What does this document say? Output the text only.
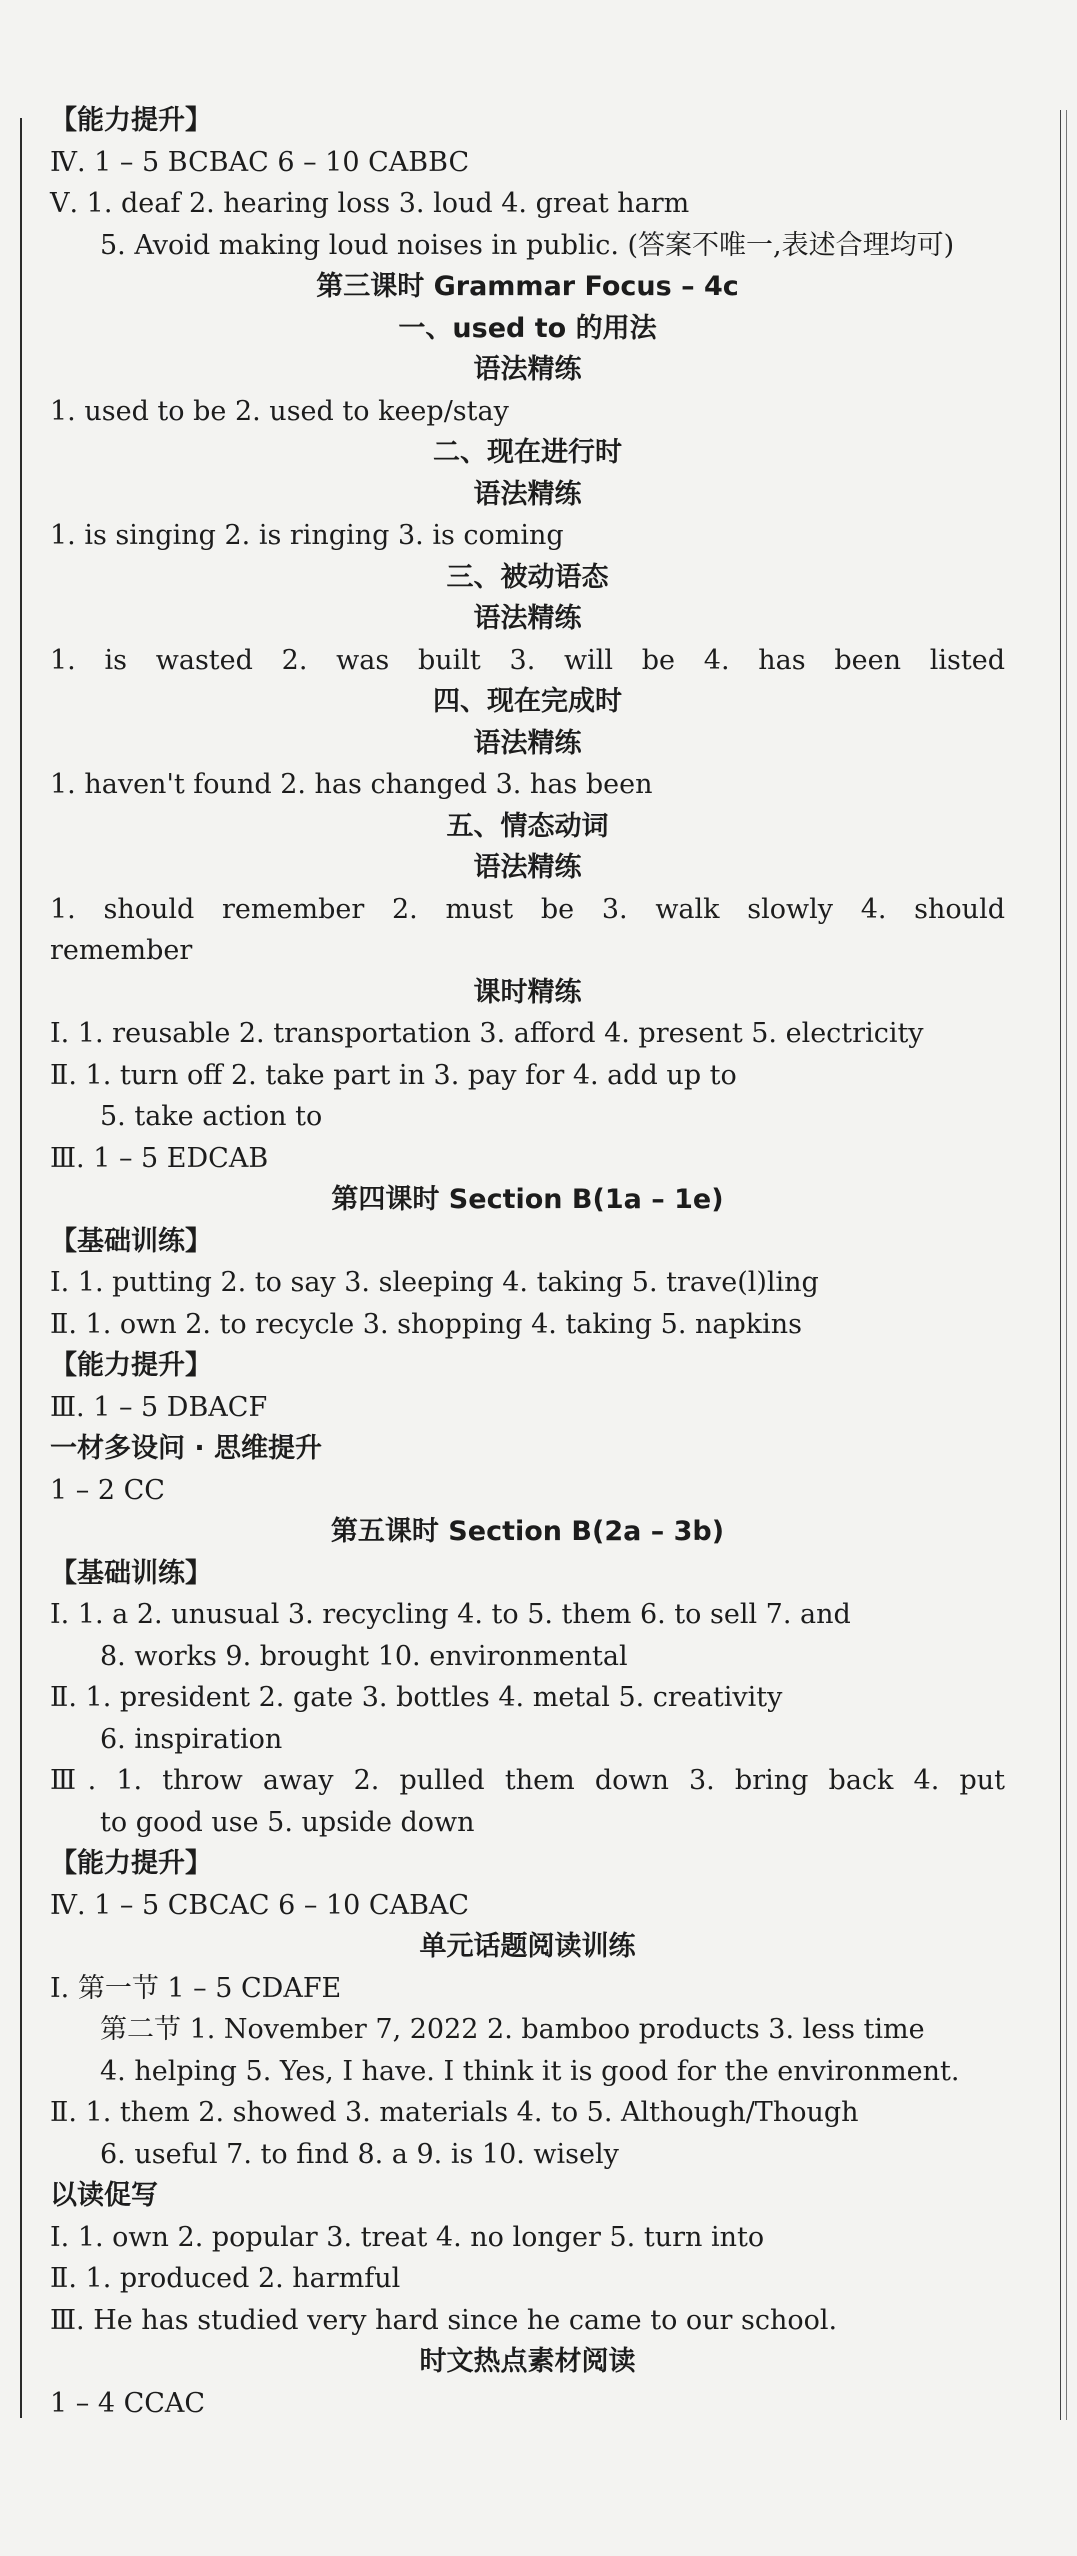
【能力提升】
Ⅳ. 1 – 5 BCBAC 6 – 10 CABBC
Ⅴ. 1. deaf 2. hearing loss 3. loud 4. great harm
5. Avoid making loud noises in public. (答案不唯一,表述合理均可)
第三课时 Grammar Focus – 4c
一、used to 的用法
语法精练
1. used to be 2. used to keep/stay
二、现在进行时
语法精练
1. is singing 2. is ringing 3. is coming
三、被动语态
语法精练
1. is wasted 2. was built 3. will be 4. has been listed
四、现在完成时
语法精练
1. haven't found 2. has changed 3. has been
五、情态动词
语法精练
1. should remember 2. must be 3. walk slowly 4. should
remember
课时精练
Ⅰ. 1. reusable 2. transportation 3. afford 4. present 5. electricity
Ⅱ. 1. turn off 2. take part in 3. pay for 4. add up to
5. take action to
Ⅲ. 1 – 5 EDCAB
第四课时 Section B(1a – 1e)
【基础训练】
Ⅰ. 1. putting 2. to say 3. sleeping 4. taking 5. trave(l)ling
Ⅱ. 1. own 2. to recycle 3. shopping 4. taking 5. napkins
【能力提升】
Ⅲ. 1 – 5 DBACF
一材多设问 · 思维提升
1 – 2 CC
第五课时 Section B(2a – 3b)
【基础训练】
Ⅰ. 1. a 2. unusual 3. recycling 4. to 5. them 6. to sell 7. and
8. works 9. brought 10. environmental
Ⅱ. 1. president 2. gate 3. bottles 4. metal 5. creativity
6. inspiration
Ⅲ. 1. throw away 2. pulled them down 3. bring back 4. put
to good use 5. upside down
【能力提升】
Ⅳ. 1 – 5 CBCAC 6 – 10 CABAC
单元话题阅读训练
Ⅰ. 第一节 1 – 5 CDAFE
第二节 1. November 7, 2022 2. bamboo products 3. less time
4. helping 5. Yes, I have. I think it is good for the environment.
Ⅱ. 1. them 2. showed 3. materials 4. to 5. Although/Though
6. useful 7. to find 8. a 9. is 10. wisely
以读促写
Ⅰ. 1. own 2. popular 3. treat 4. no longer 5. turn into
Ⅱ. 1. produced 2. harmful
Ⅲ. He has studied very hard since he came to our school.
时文热点素材阅读
1 – 4 CCAC
